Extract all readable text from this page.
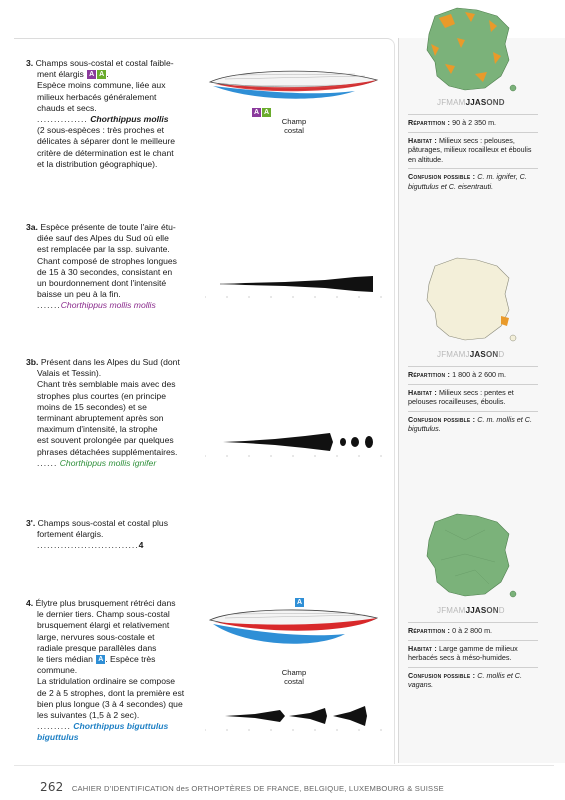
3. Champs sous-costal et costal faible-
ment élargis A A .
Espèce moins commune, liée aux
milieux herbacés généralement
chauds et secs.
............... Chorthippus mollis
(2 sous-espèces : très proches et
délicates à séparer dont le meilleure
critère de détermination est le chant
et la distribution géographique).
A A
Champ
costal
3a. Espèce présente de toute l'aire étu-
diée sauf des Alpes du Sud où elle
est remplacée par la ssp. suivante.
Chant composé de strophes longues
de 15 à 30 secondes, consistant en
un bourdonnement dont l'intensité
baisse un peu à la fin.
.......Chorthippus mollis mollis
3b. Présent dans les Alpes du Sud (dont
Valais et Tessin).
Chant très semblable mais avec des
strophes plus courtes (en principe
moins de 15 secondes) et se
terminant abruptement après son
maximum d'intensité, la strophe
est souvent prolongée par quelques
phrases détachées supplémentaires.
...... Chorthippus mollis ignifer
3'. Champs sous-costal et costal plus
fortement élargis.
..............................4
4. Élytre plus brusquement rétréci dans
le dernier tiers. Champ sous-costal
brusquement élargi et relativement
large, nervures sous-costale et
radiale presque parallèles dans
le tiers médian A . Espèce très
commune.
La stridulation ordinaire se compose
de 2 à 5 strophes, dont la première est
bien plus longue (3 à 4 secondes) que
les suivantes (1,5 à 2 sec).
.......... Chorthippus biguttulus
biguttulus
A
Champ
costal
JFMAMJJASOND
Répartition : 90 à 2 350 m.
Habitat : Milieux secs : pelouses, pâturages, milieux rocailleux et éboulis en altitude.
Confusion possible : C. m. ignifer, C. biguttulus et C. eisentrauti.
JFMAMJJASOND
Répartition : 1 800 à 2 600 m.
Habitat : Milieux secs : pentes et pelouses rocailleuses, éboulis.
Confusion possible : C. m. mollis et C. biguttulus.
JFMAMJJASOND
Répartition : 0 à 2 800 m.
Habitat : Large gamme de milieux herbacés secs à méso-humides.
Confusion possible : C. mollis et C. vagans.
262 CAHIER D'IDENTIFICATION des ORTHOPTÈRES DE FRANCE, BELGIQUE, LUXEMBOURG & SUISSE
